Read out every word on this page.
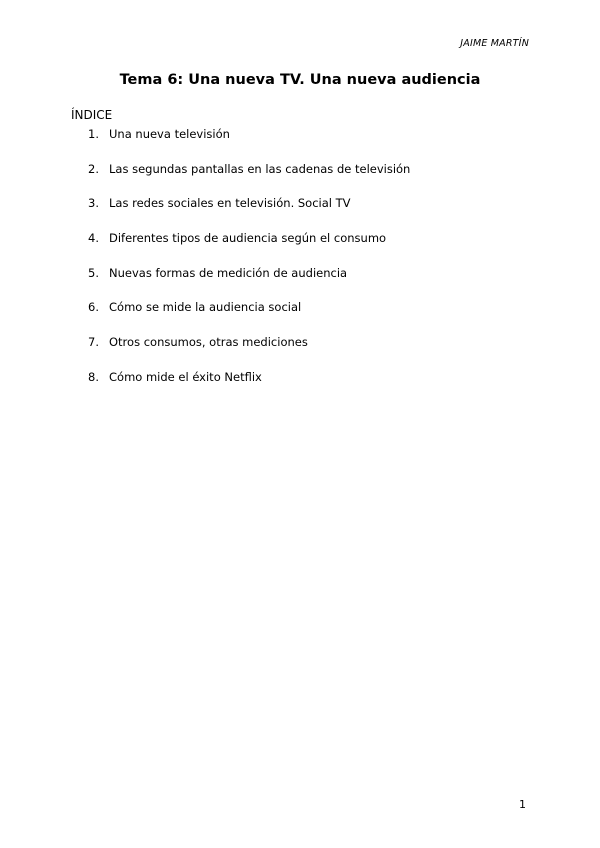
JAIME MARTÍN
Tema 6: Una nueva TV. Una nueva audiencia
ÍNDICE
1. Una nueva televisión
2. Las segundas pantallas en las cadenas de televisión
3. Las redes sociales en televisión. Social TV
4. Diferentes tipos de audiencia según el consumo
5. Nuevas formas de medición de audiencia
6. Cómo se mide la audiencia social
7. Otros consumos, otras mediciones
8. Cómo mide el éxito Netflix
1
